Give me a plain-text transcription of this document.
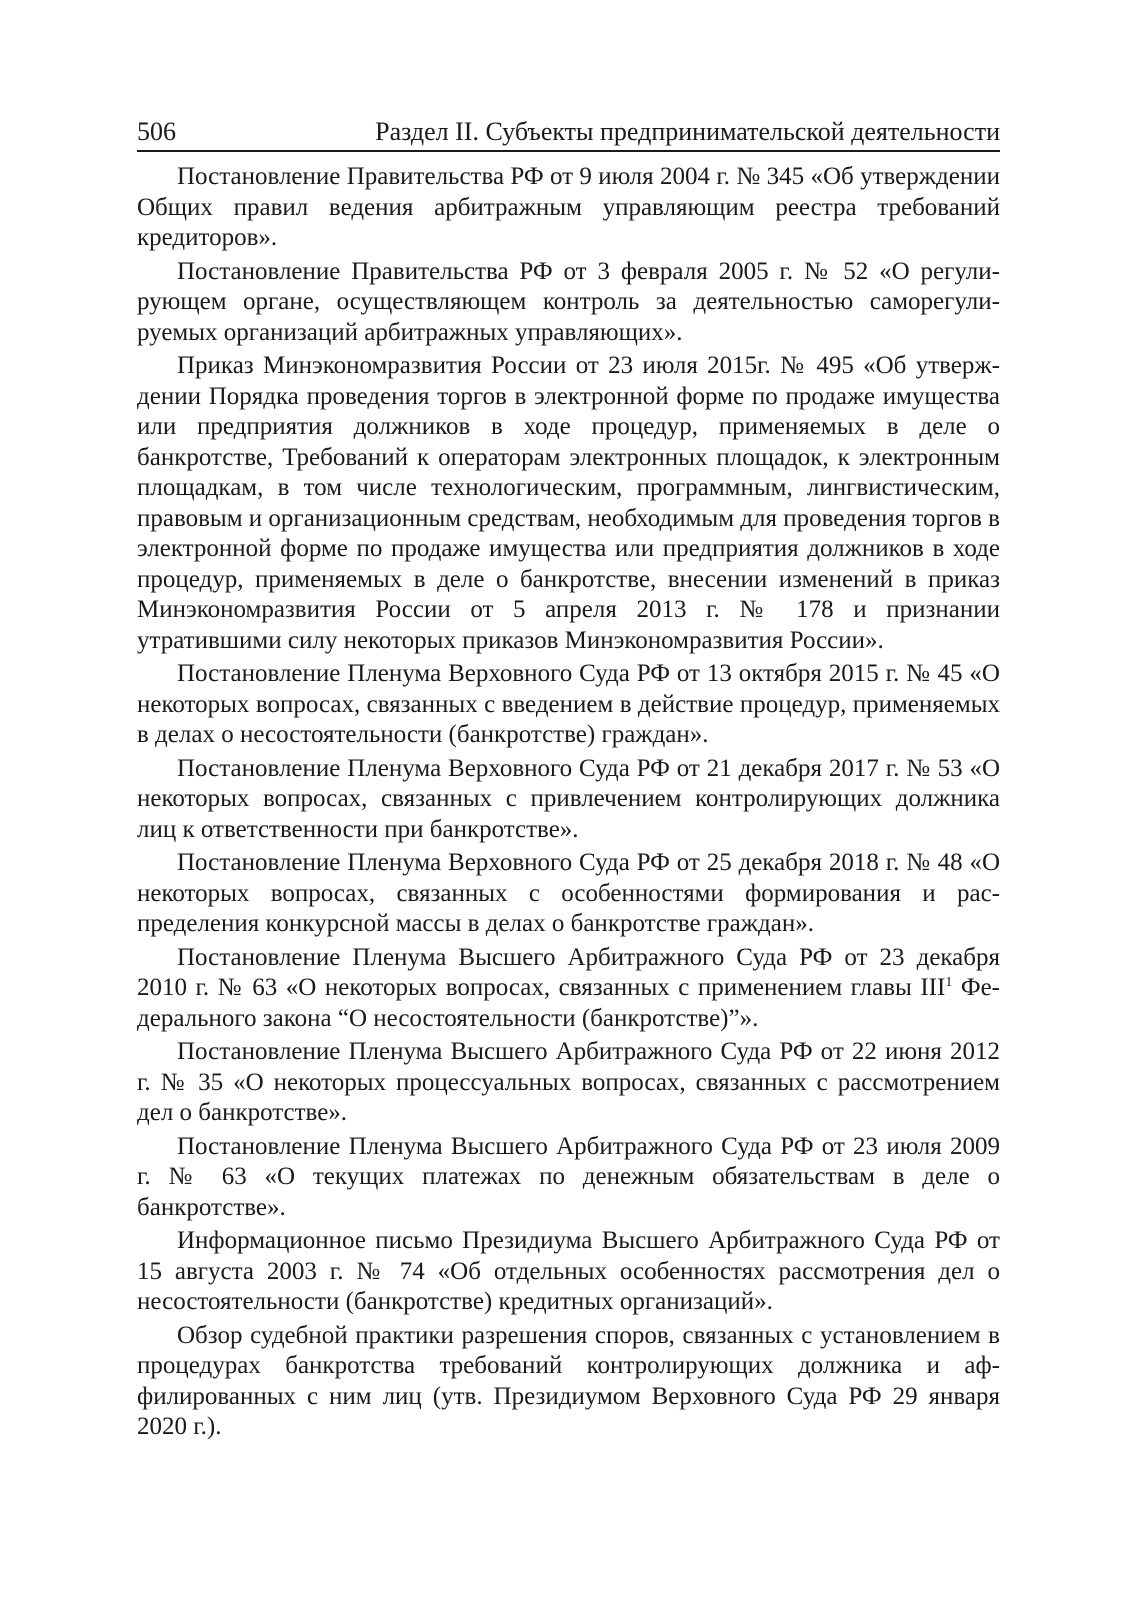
506	Раздел II. Субъекты предпринимательской деятельности

Постановление Правительства РФ от 9 июля 2004 г. № 345 «Об утверждении Общих правил ведения арбитражным управляющим реестра требований кредиторов».

Постановление Правительства РФ от 3 февраля 2005 г. № 52 «О регулирующем органе, осуществляющем контроль за деятельностью саморегулируемых организаций арбитражных управляющих».

Приказ Минэкономразвития России от 23 июля 2015г. № 495 «Об утверждении Порядка проведения торгов в электронной форме по продаже имущества или предприятия должников в ходе процедур, применяемых в деле о банкротстве, Требований к операторам электронных площадок, к электронным площадкам, в том числе технологическим, программным, лингвистическим, правовым и организационным средствам, необходимым для проведения торгов в электронной форме по продаже имущества или предприятия должников в ходе процедур, применяемых в деле о банкротстве, внесении изменений в приказ Минэкономразвития России от 5 апреля 2013 г. № 178 и признании утратившими силу некоторых приказов Минэкономразвития России».

Постановление Пленума Верховного Суда РФ от 13 октября 2015 г. № 45 «О некоторых вопросах, связанных с введением в действие процедур, применяемых в делах о несостоятельности (банкротстве) граждан».

Постановление Пленума Верховного Суда РФ от 21 декабря 2017 г. № 53 «О некоторых вопросах, связанных с привлечением контролирующих должника лиц к ответственности при банкротстве».

Постановление Пленума Верховного Суда РФ от 25 декабря 2018 г. № 48 «О некоторых вопросах, связанных с особенностями формирования и распределения конкурсной массы в делах о банкротстве граждан».

Постановление Пленума Высшего Арбитражного Суда РФ от 23 декабря 2010 г. № 63 «О некоторых вопросах, связанных с применением главы III$^1$ Федерального закона “О несостоятельности (банкротстве)”».

Постановление Пленума Высшего Арбитражного Суда РФ от 22 июня 2012 г. № 35 «О некоторых процессуальных вопросах, связанных с рассмотрением дел о банкротстве».

Постановление Пленума Высшего Арбитражного Суда РФ от 23 июля 2009 г. № 63 «О текущих платежах по денежным обязательствам в деле о банкротстве».

Информационное письмо Президиума Высшего Арбитражного Суда РФ от 15 августа 2003 г. № 74 «Об отдельных особенностях рассмотрения дел о несостоятельности (банкротстве) кредитных организаций».

Обзор судебной практики разрешения споров, связанных с установлением в процедурах банкротства требований контролирующих должника и аффилированных с ним лиц (утв. Президиумом Верховного Суда РФ 29 января 2020 г.).
